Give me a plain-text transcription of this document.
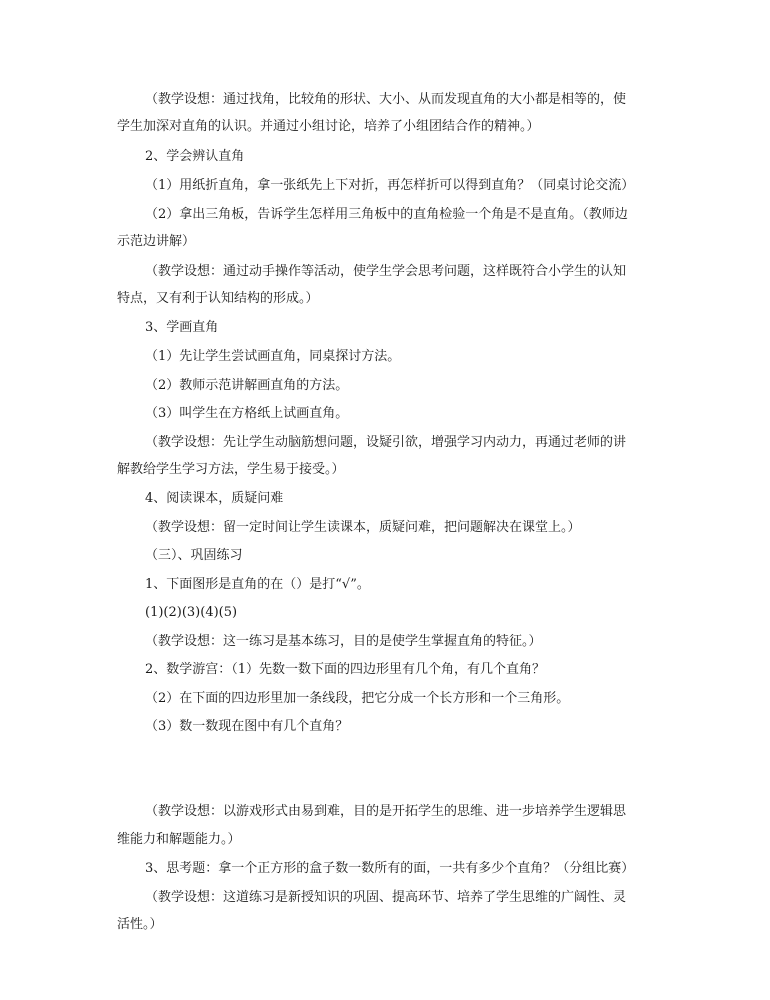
（教学设想：通过找角，比较角的形状、大小、从而发现直角的大小都是相等的，使
学生加深对直角的认识。并通过小组讨论，培养了小组团结合作的精神。）
2、学会辨认直角
（1）用纸折直角，拿一张纸先上下对折，再怎样折可以得到直角？（同桌讨论交流）
（2）拿出三角板，告诉学生怎样用三角板中的直角检验一个角是不是直角。（教师边
示范边讲解）
（教学设想：通过动手操作等活动，使学生学会思考问题，这样既符合小学生的认知
特点，又有利于认知结构的形成。）
3、学画直角
（1）先让学生尝试画直角，同桌探讨方法。
（2）教师示范讲解画直角的方法。
（3）叫学生在方格纸上试画直角。
（教学设想：先让学生动脑筋想问题，设疑引欲，增强学习内动力，再通过老师的讲
解教给学生学习方法，学生易于接受。）
4、阅读课本，质疑问难
（教学设想：留一定时间让学生读课本，质疑问难，把问题解决在课堂上。）
（三）、巩固练习
1、下面图形是直角的在（）是打“√”。
(1)(2)(3)(4)(5)
（教学设想：这一练习是基本练习，目的是使学生掌握直角的特征。）
2、数学游宫：（1）先数一数下面的四边形里有几个角，有几个直角？
（2）在下面的四边形里加一条线段，把它分成一个长方形和一个三角形。
（3）数一数现在图中有几个直角？
（教学设想：以游戏形式由易到难，目的是开拓学生的思维、进一步培养学生逻辑思
维能力和解题能力。）
3、思考题：拿一个正方形的盒子数一数所有的面，一共有多少个直角？（分组比赛）
（教学设想：这道练习是新授知识的巩固、提高环节、培养了学生思维的广阔性、灵
活性。）
